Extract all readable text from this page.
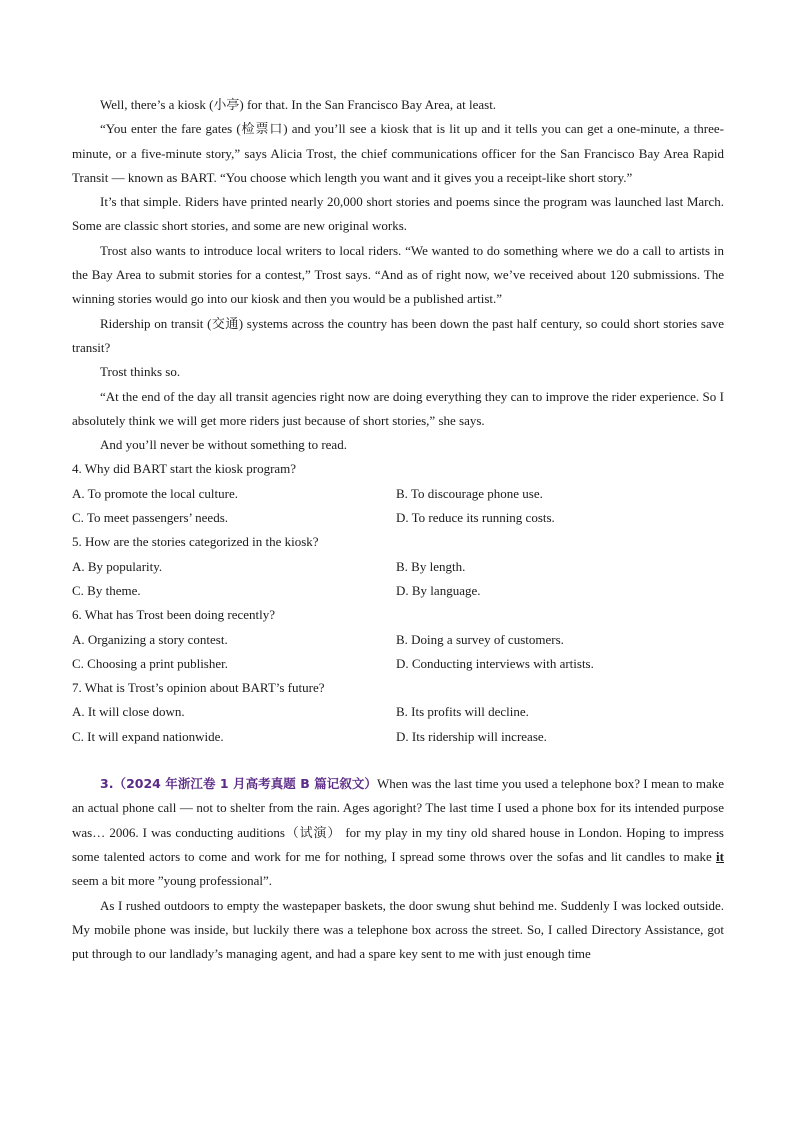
Well, there’s a kiosk (小亭) for that. In the San Francisco Bay Area, at least.

“You enter the fare gates (检票口) and you’ll see a kiosk that is lit up and it tells you can get a one-minute, a three-minute, or a five-minute story,” says Alicia Trost, the chief communications officer for the San Francisco Bay Area Rapid Transit — known as BART. “You choose which length you want and it gives you a receipt-like short story.”

It’s that simple. Riders have printed nearly 20,000 short stories and poems since the program was launched last March. Some are classic short stories, and some are new original works.

Trost also wants to introduce local writers to local riders. “We wanted to do something where we do a call to artists in the Bay Area to submit stories for a contest,” Trost says. “And as of right now, we’ve received about 120 submissions. The winning stories would go into our kiosk and then you would be a published artist.”

Ridership on transit (交通) systems across the country has been down the past half century, so could short stories save transit?

Trost thinks so.

“At the end of the day all transit agencies right now are doing everything they can to improve the rider experience. So I absolutely think we will get more riders just because of short stories,” she says.

And you’ll never be without something to read.

4. Why did BART start the kiosk program?

A. To promote the local culture.	B. To discourage phone use.
C. To meet passengers’ needs.	D. To reduce its running costs.

5. How are the stories categorized in the kiosk?

A. By popularity.	B. By length.
C. By theme.	D. By language.

6. What has Trost been doing recently?

A. Organizing a story contest.	B. Doing a survey of customers.
C. Choosing a print publisher.	D. Conducting interviews with artists.

7. What is Trost’s opinion about BART’s future?

A. It will close down.	B. Its profits will decline.
C. It will expand nationwide.	D. Its ridership will increase.

3.（2024 年浙江卷 1 月高考真题 B 篇记叙文）When was the last time you used a telephone box? I mean to make an actual phone call — not to shelter from the rain. Ages agoright? The last time I used a phone box for its intended purpose was… 2006. I was conducting auditions（试演） for my play in my tiny old shared house in London. Hoping to impress some talented actors to come and work for me for nothing, I spread some throws over the sofas and lit candles to make it seem a bit more ”young professional”.

As I rushed outdoors to empty the wastepaper baskets, the door swung shut behind me. Suddenly I was locked outside. My mobile phone was inside, but luckily there was a telephone box across the street. So, I called Directory Assistance, got put through to our landlady’s managing agent, and had a spare key sent to me with just enough time
